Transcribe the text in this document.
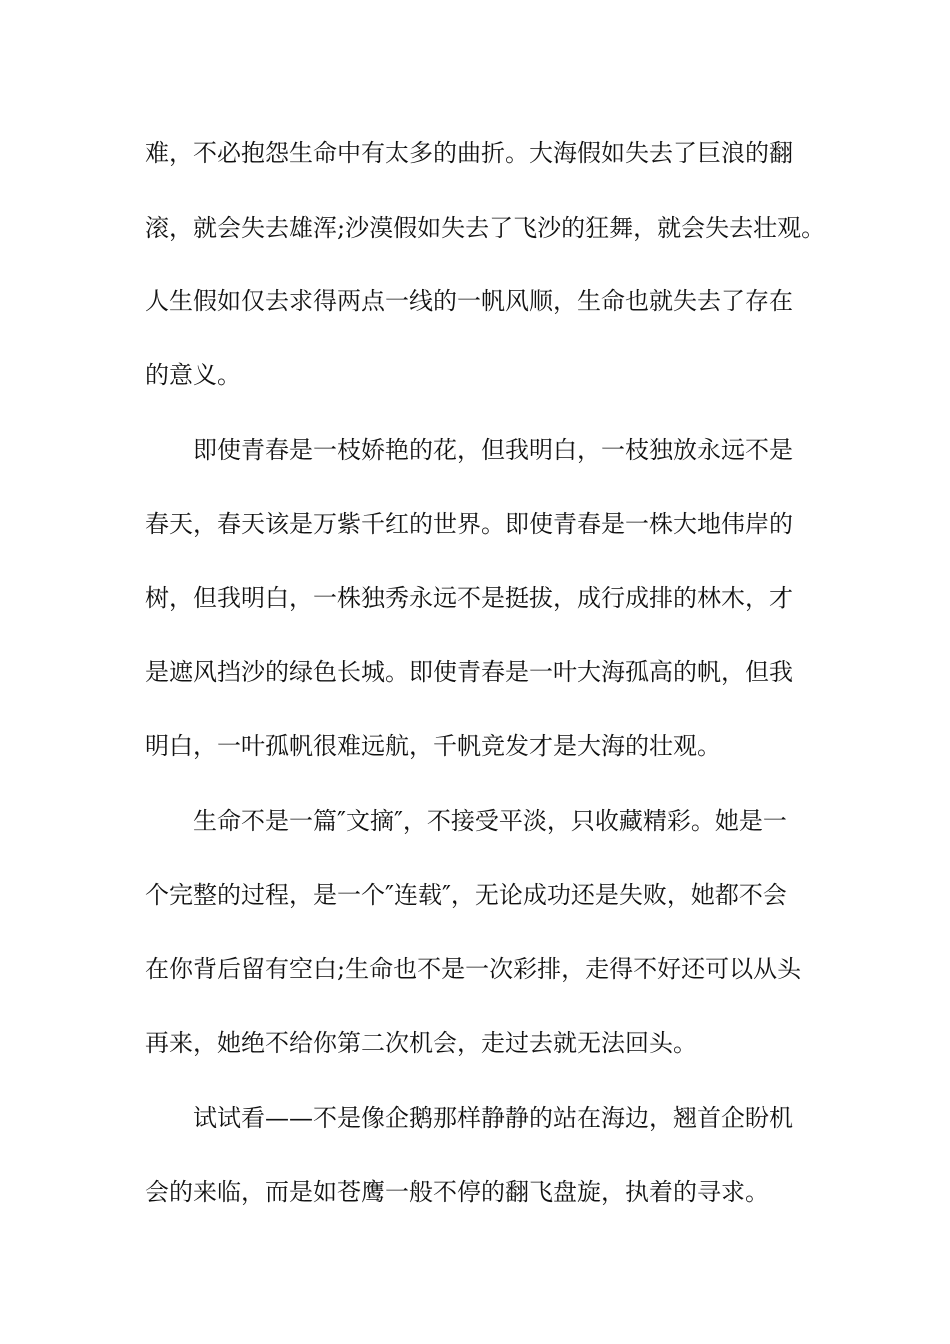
难，不必抱怨生命中有太多的曲折。大海假如失去了巨浪的翻

滚，就会失去雄浑;沙漠假如失去了飞沙的狂舞，就会失去壮观。

人生假如仅去求得两点一线的一帆风顺，生命也就失去了存在

的意义。

即使青春是一枝娇艳的花，但我明白，一枝独放永远不是

春天，春天该是万紫千红的世界。即使青春是一株大地伟岸的

树，但我明白，一株独秀永远不是挺拔，成行成排的林木，才

是遮风挡沙的绿色长城。即使青春是一叶大海孤高的帆，但我

明白，一叶孤帆很难远航，千帆竞发才是大海的壮观。

生命不是一篇″文摘″，不接受平淡，只收藏精彩。她是一

个完整的过程，是一个″连载″，无论成功还是失败，她都不会

在你背后留有空白;生命也不是一次彩排，走得不好还可以从头

再来，她绝不给你第二次机会，走过去就无法回头。

试试看——不是像企鹅那样静静的站在海边，翘首企盼机

会的来临，而是如苍鹰一般不停的翻飞盘旋，执着的寻求。
